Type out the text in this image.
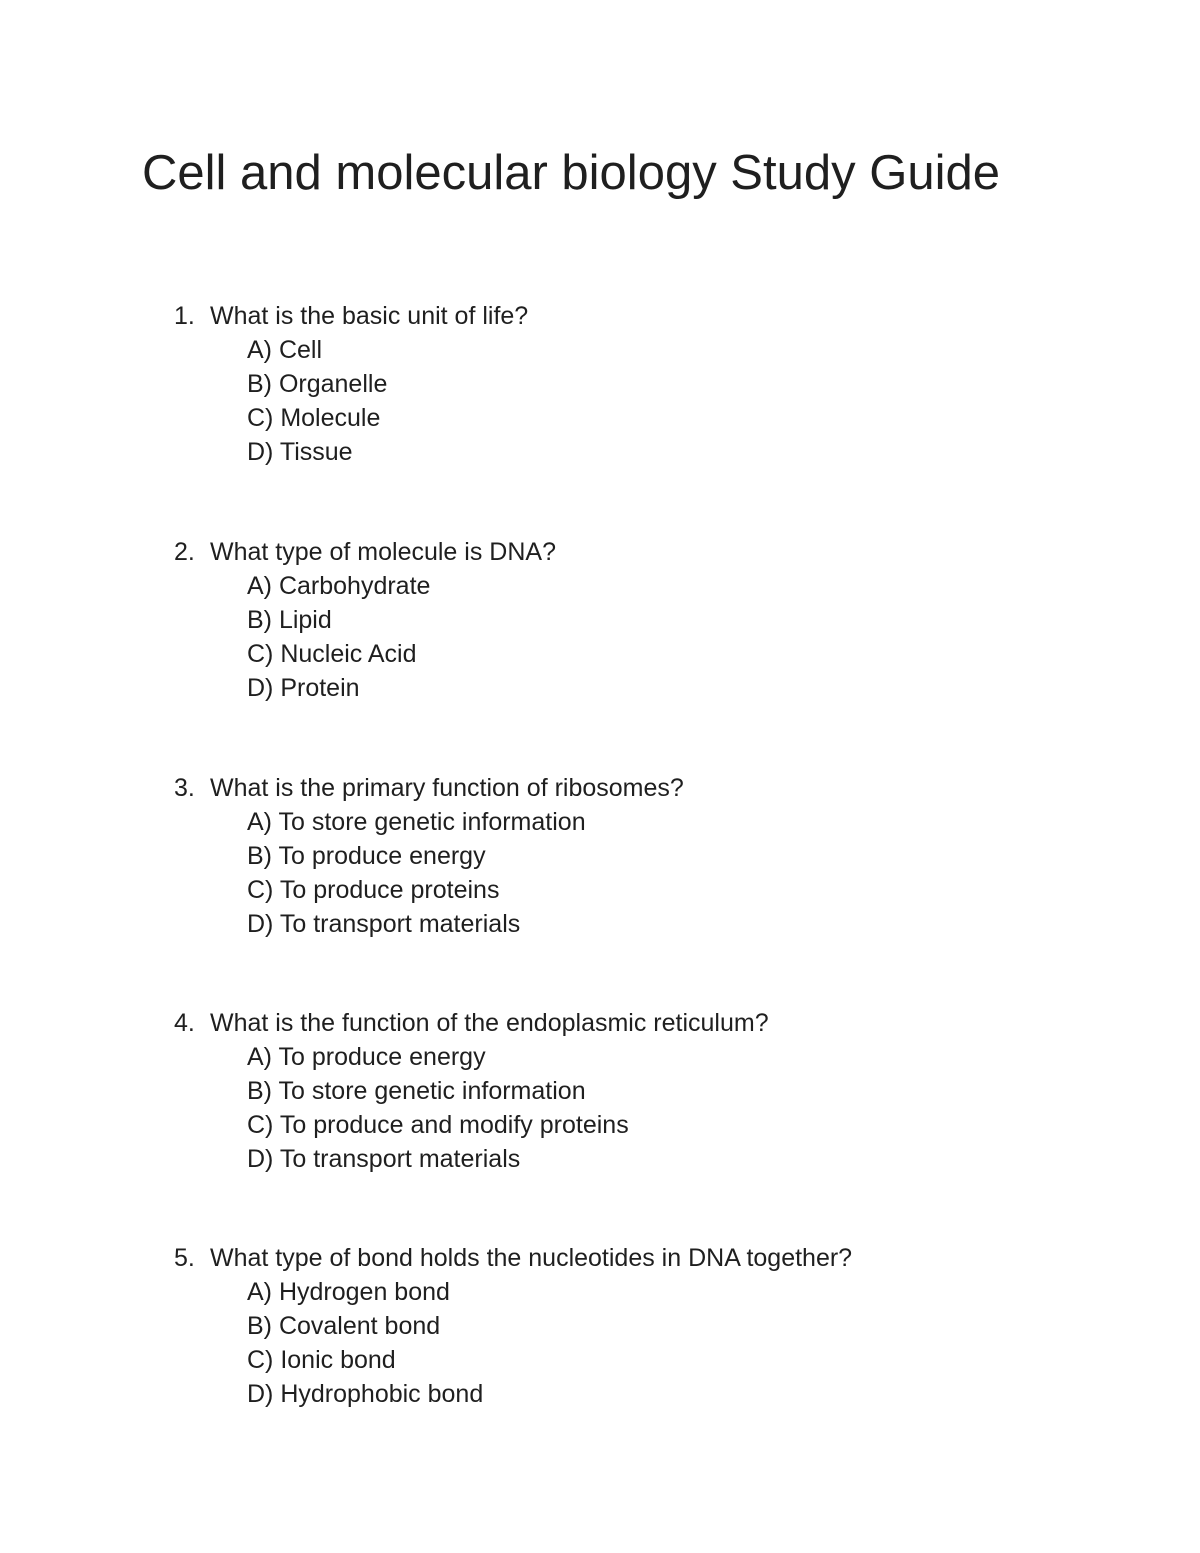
Cell and molecular biology Study Guide
1. What is the basic unit of life?
A) Cell
B) Organelle
C) Molecule
D) Tissue
2. What type of molecule is DNA?
A) Carbohydrate
B) Lipid
C) Nucleic Acid
D) Protein
3. What is the primary function of ribosomes?
A) To store genetic information
B) To produce energy
C) To produce proteins
D) To transport materials
4. What is the function of the endoplasmic reticulum?
A) To produce energy
B) To store genetic information
C) To produce and modify proteins
D) To transport materials
5. What type of bond holds the nucleotides in DNA together?
A) Hydrogen bond
B) Covalent bond
C) Ionic bond
D) Hydrophobic bond
